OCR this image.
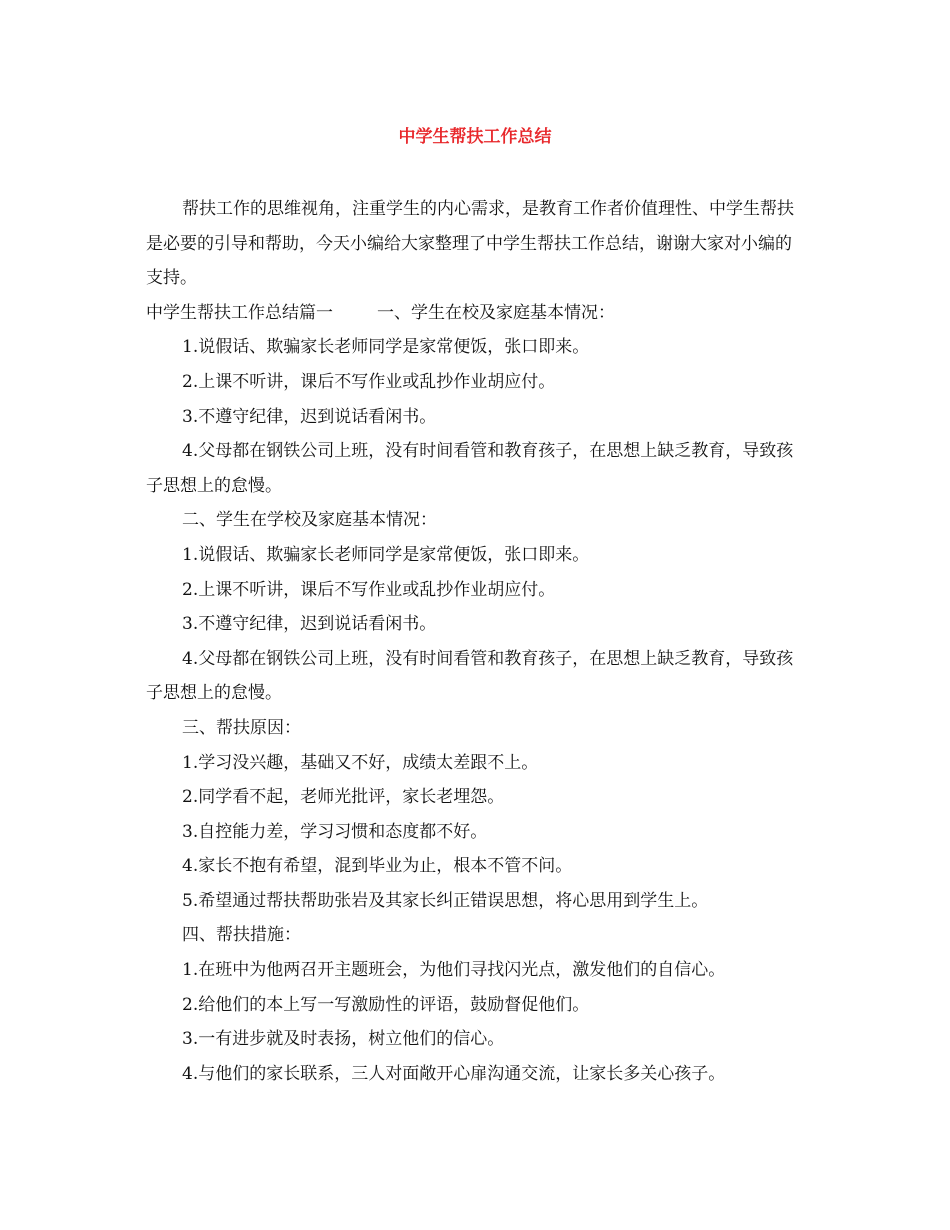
中学生帮扶工作总结

帮扶工作的思维视角，注重学生的内心需求，是教育工作者价值理性、中学生帮扶是必要的引导和帮助，今天小编给大家整理了中学生帮扶工作总结，谢谢大家对小编的支持。

中学生帮扶工作总结篇一	一、学生在校及家庭基本情况：

1.说假话、欺骗家长老师同学是家常便饭，张口即来。

2.上课不听讲，课后不写作业或乱抄作业胡应付。

3.不遵守纪律，迟到说话看闲书。

4.父母都在钢铁公司上班，没有时间看管和教育孩子，在思想上缺乏教育，导致孩子思想上的怠慢。

二、学生在学校及家庭基本情况：

1.说假话、欺骗家长老师同学是家常便饭，张口即来。

2.上课不听讲，课后不写作业或乱抄作业胡应付。

3.不遵守纪律，迟到说话看闲书。

4.父母都在钢铁公司上班，没有时间看管和教育孩子，在思想上缺乏教育，导致孩子思想上的怠慢。

三、帮扶原因：

1.学习没兴趣，基础又不好，成绩太差跟不上。

2.同学看不起，老师光批评，家长老埋怨。

3.自控能力差，学习习惯和态度都不好。

4.家长不抱有希望，混到毕业为止，根本不管不问。

5.希望通过帮扶帮助张岩及其家长纠正错误思想，将心思用到学生上。

四、帮扶措施：

1.在班中为他两召开主题班会，为他们寻找闪光点，激发他们的自信心。

2.给他们的本上写一写激励性的评语，鼓励督促他们。

3.一有进步就及时表扬，树立他们的信心。

4.与他们的家长联系，三人对面敞开心扉沟通交流，让家长多关心孩子。
